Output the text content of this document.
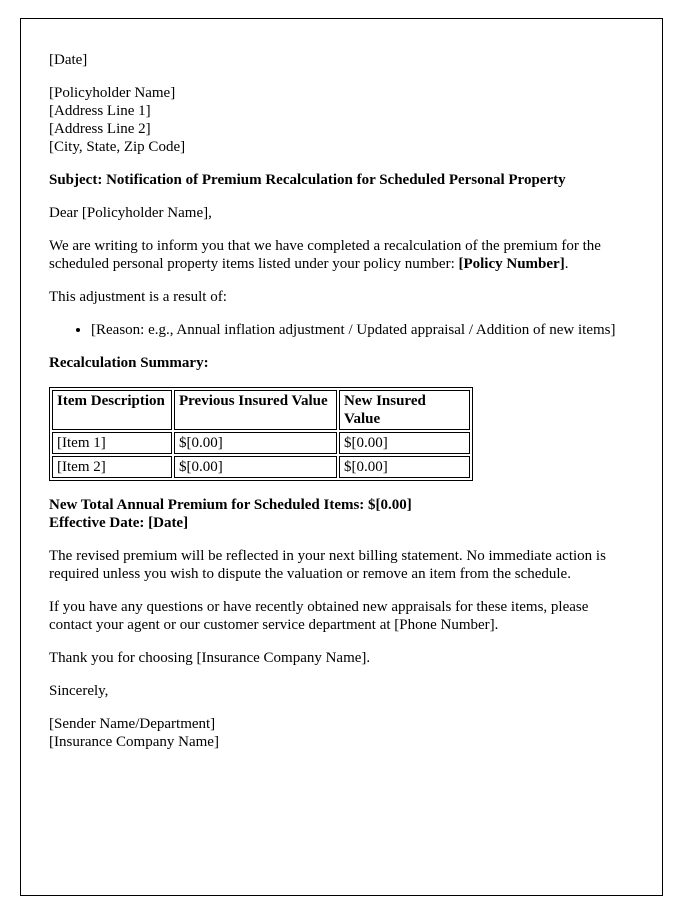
[Date]

[Policyholder Name]

[Address Line 1]

[Address Line 2]

[City, State, Zip Code]

Subject: Notification of Premium Recalculation for Scheduled Personal Property

Dear [Policyholder Name],

We are writing to inform you that we have completed a recalculation of the premium for the scheduled personal property items listed under your policy number: [Policy Number].

This adjustment is a result of:

• [Reason: e.g., Annual inflation adjustment / Updated appraisal / Addition of new items]

Recalculation Summary:

Item Description	Previous Insured Value	New Insured Value
[Item 1]	$[0.00]	$[0.00]
[Item 2]	$[0.00]	$[0.00]

New Total Annual Premium for Scheduled Items: $[0.00]

Effective Date: [Date]

The revised premium will be reflected in your next billing statement. No immediate action is required unless you wish to dispute the valuation or remove an item from the schedule.

If you have any questions or have recently obtained new appraisals for these items, please contact your agent or our customer service department at [Phone Number].

Thank you for choosing [Insurance Company Name].

Sincerely,

[Sender Name/Department]

[Insurance Company Name]
